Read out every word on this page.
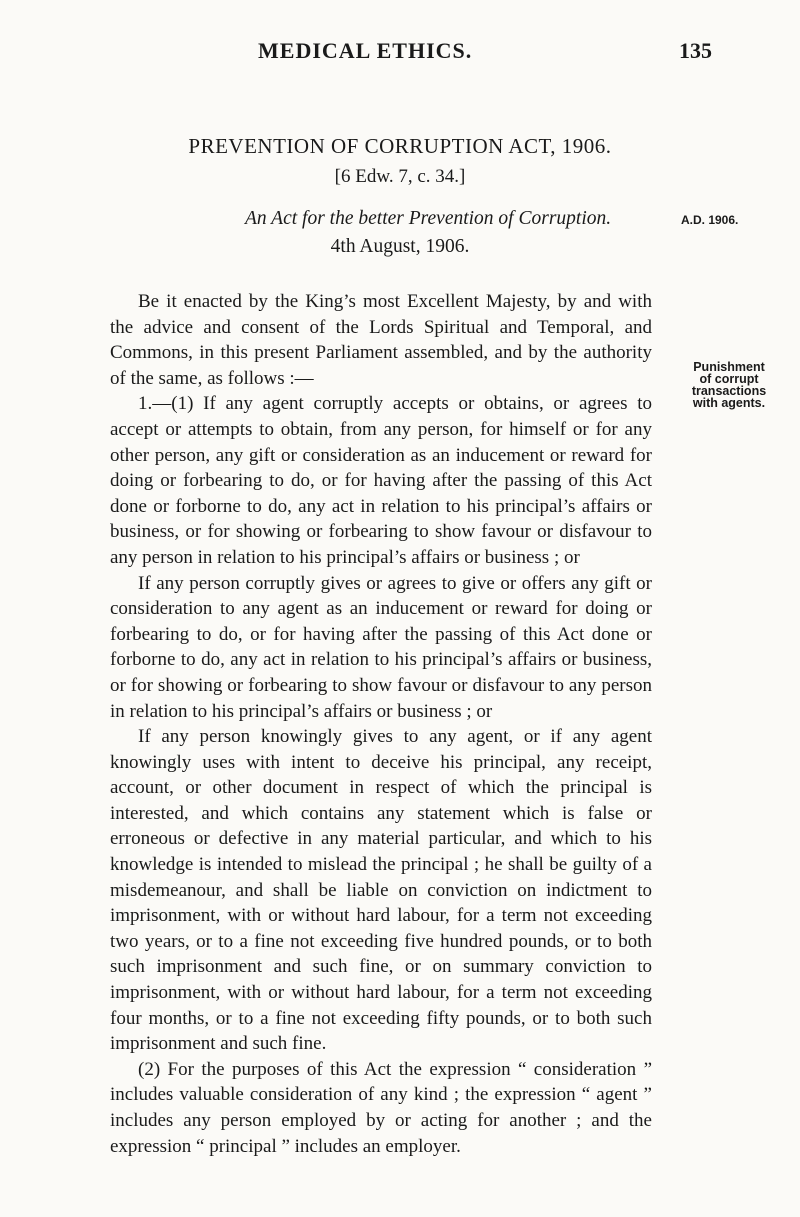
MEDICAL ETHICS.	135
PREVENTION OF CORRUPTION ACT, 1906.
[6 Edw. 7, c. 34.]
An Act for the better Prevention of Corruption.	A.D. 1906.
4th August, 1906.
Punishment
of corrupt
transactions
with agents.

Be it enacted by the King’s most Excellent Majesty, by and with the advice and consent of the Lords Spiritual and Temporal, and Commons, in this present Parliament assembled, and by the authority of the same, as follows :—

1.—(1) If any agent corruptly accepts or obtains, or agrees to accept or attempts to obtain, from any person, for himself or for any other person, any gift or consideration as an inducement or reward for doing or forbearing to do, or for having after the passing of this Act done or forborne to do, any act in relation to his principal’s affairs or business, or for showing or forbearing to show favour or disfavour to any person in relation to his principal’s affairs or business ; or

If any person corruptly gives or agrees to give or offers any gift or consideration to any agent as an inducement or reward for doing or forbearing to do, or for having after the passing of this Act done or forborne to do, any act in relation to his principal’s affairs or business, or for showing or forbearing to show favour or disfavour to any person in relation to his principal’s affairs or business ; or

If any person knowingly gives to any agent, or if any agent knowingly uses with intent to deceive his principal, any receipt, account, or other document in respect of which the principal is interested, and which contains any statement which is false or erroneous or defective in any material particular, and which to his knowledge is intended to mislead the principal ; he shall be guilty of a misdemeanour, and shall be liable on conviction on indictment to imprisonment, with or without hard labour, for a term not exceeding two years, or to a fine not exceeding five hundred pounds, or to both such imprisonment and such fine, or on summary conviction to imprisonment, with or without hard labour, for a term not exceeding four months, or to a fine not exceeding fifty pounds, or to both such imprisonment and such fine.

(2) For the purposes of this Act the expression “ consideration ” includes valuable consideration of any kind ; the expression “ agent ” includes any person employed by or acting for another ; and the expression “ principal ” includes an employer.
